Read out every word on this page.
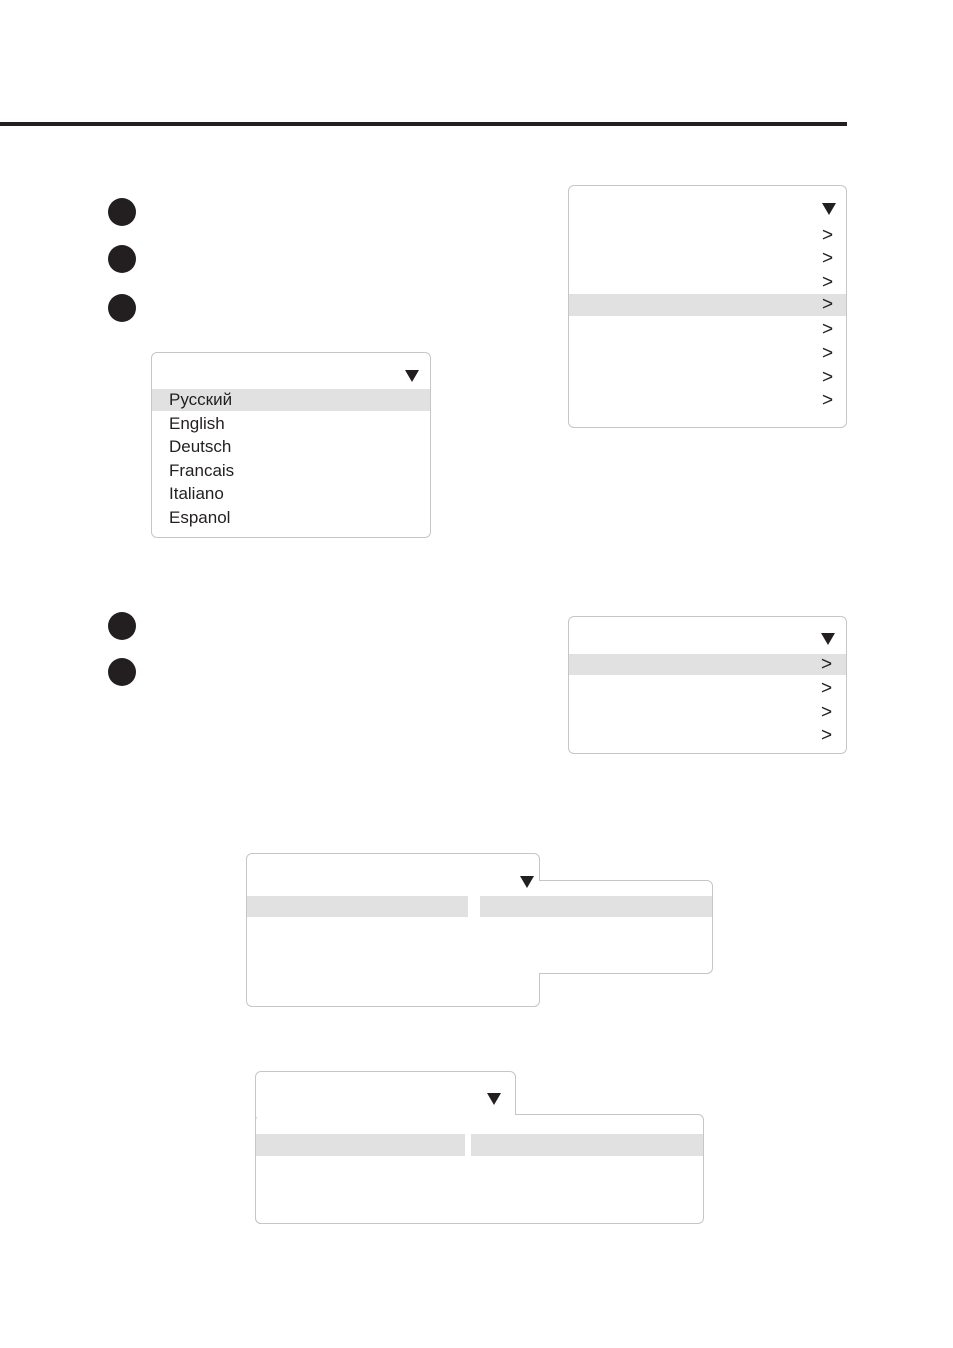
>
>
>
>
>
>
>
>
Русский
English
Deutsch
Francais
Italiano
Espanol
>
>
>
>
